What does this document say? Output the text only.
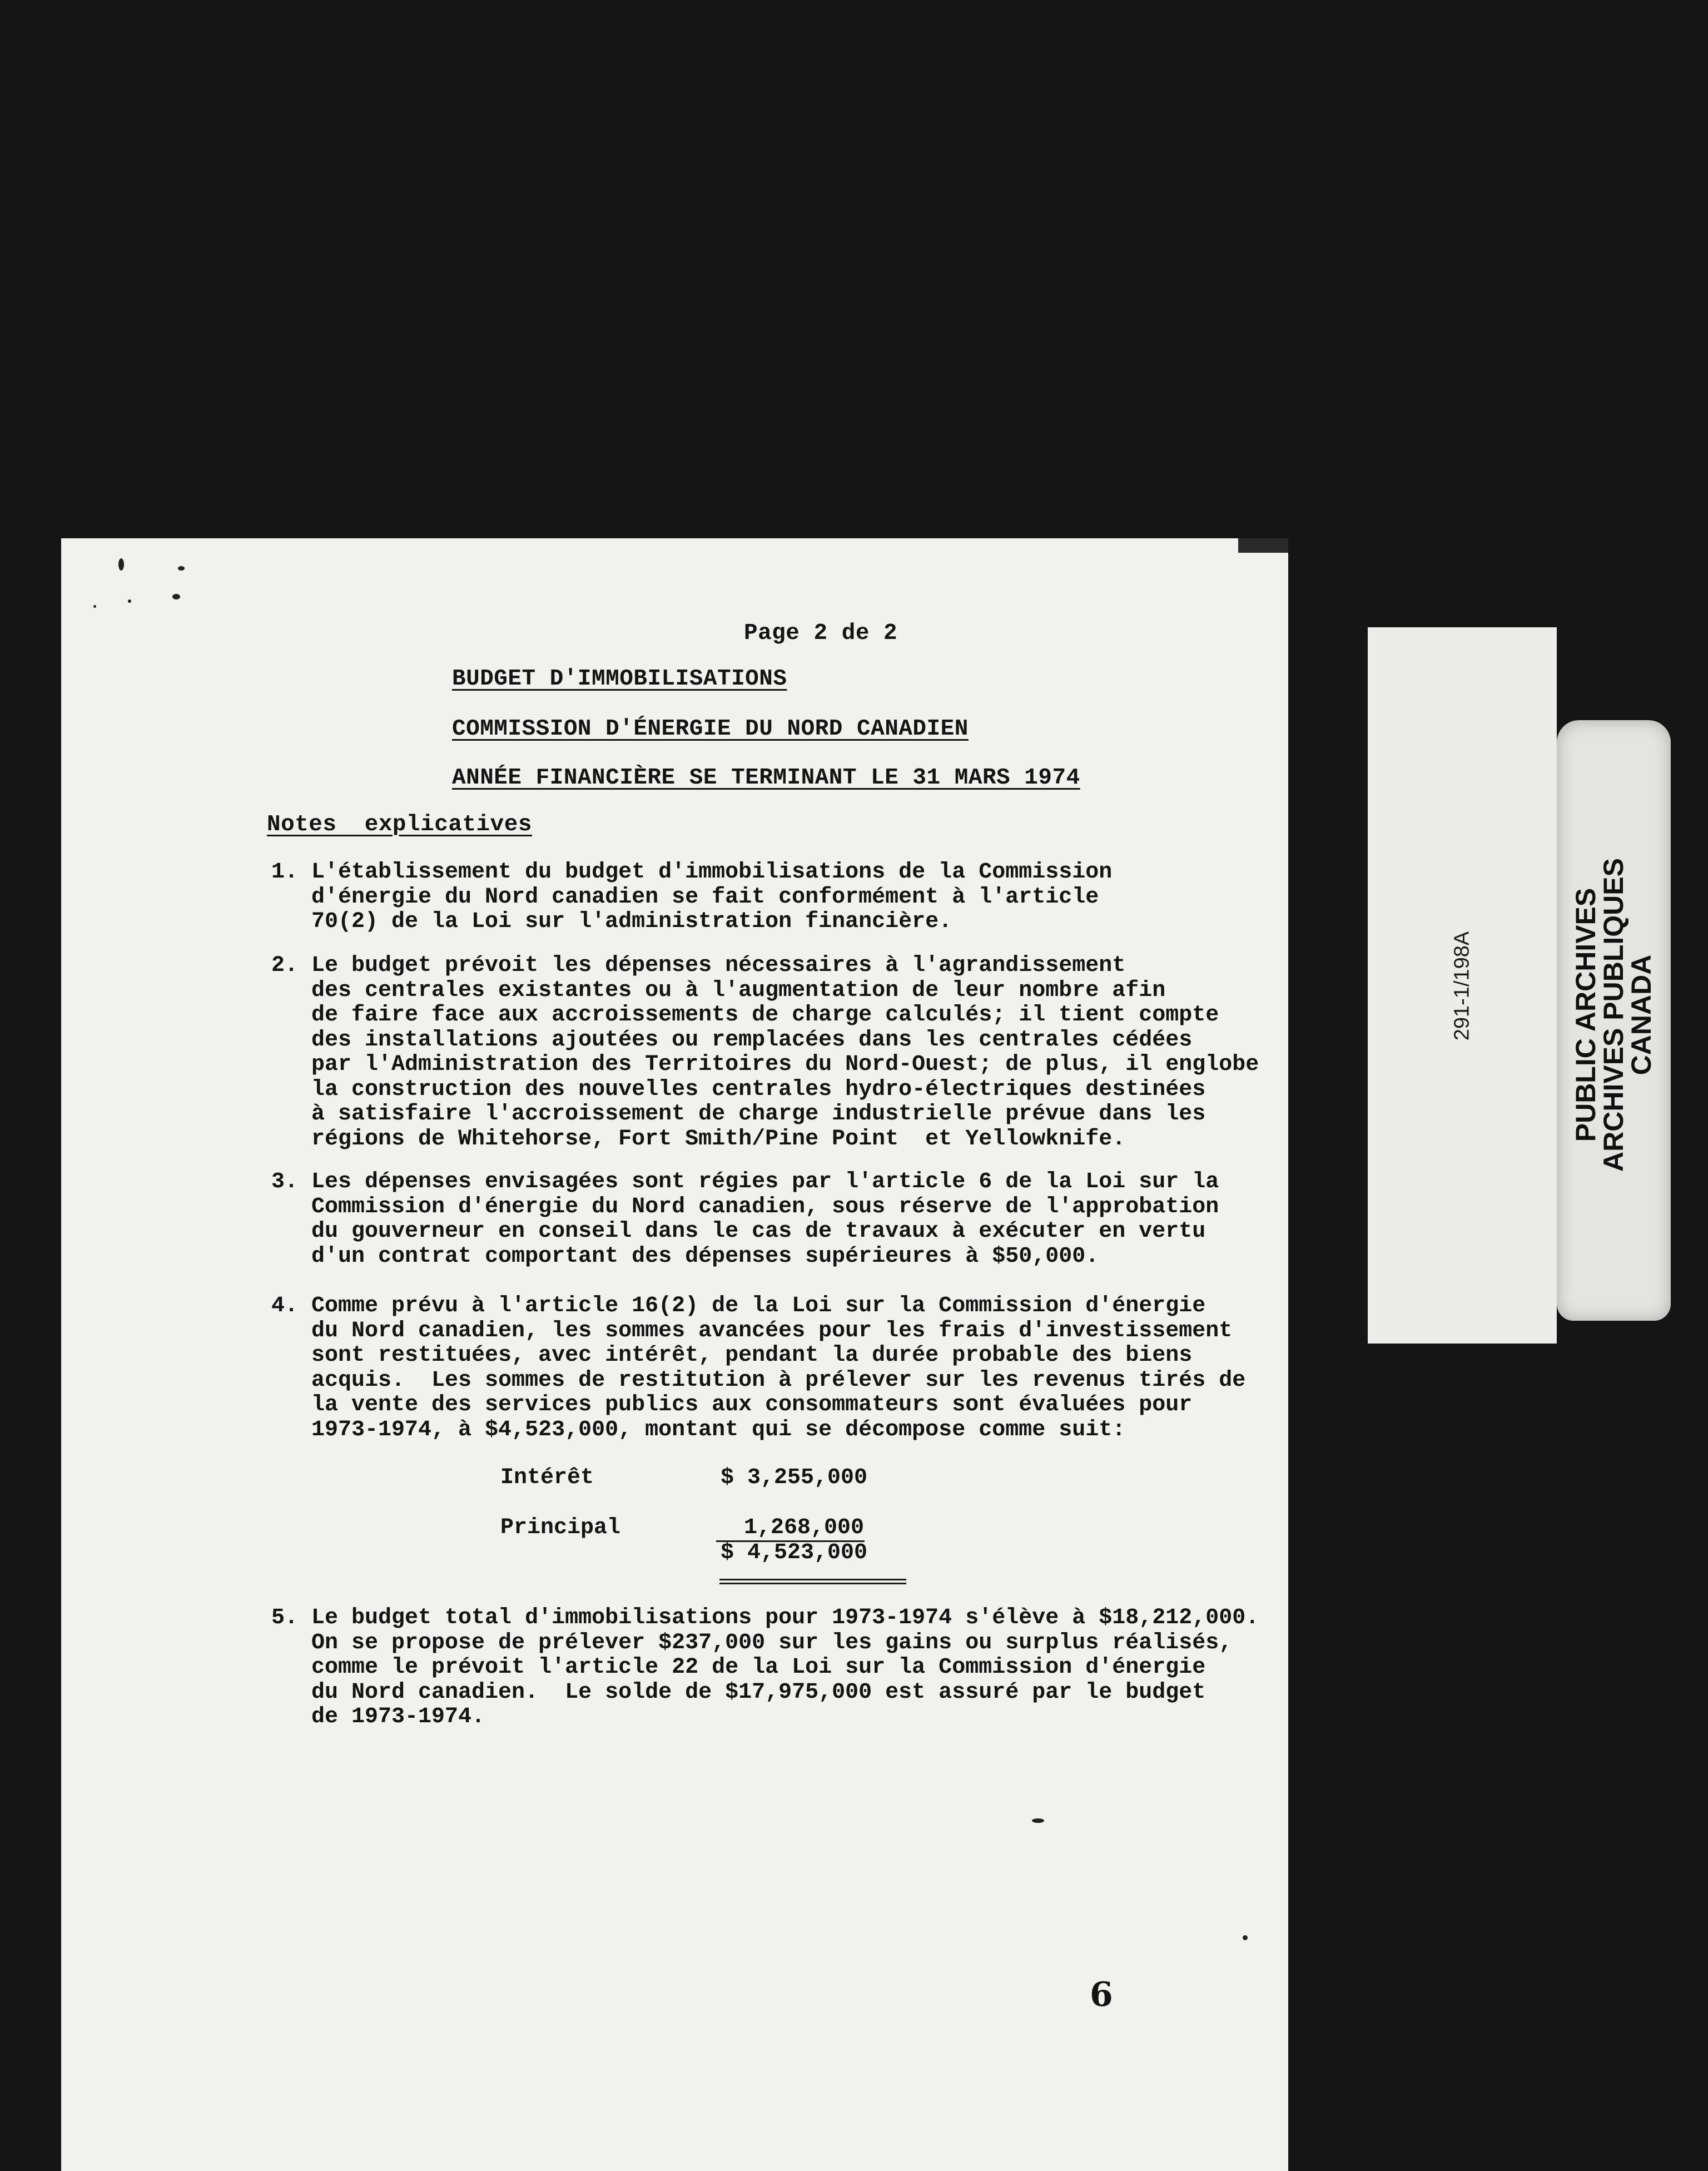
Page 2 de 2
BUDGET D'IMMOBILISATIONS
COMMISSION D'ÉNERGIE DU NORD CANADIEN
ANNÉE FINANCIÈRE SE TERMINANT LE 31 MARS 1974
Notes  explicatives
1. L'établissement du budget d'immobilisations de la Commission
d'énergie du Nord canadien se fait conformément à l'article
70(2) de la Loi sur l'administration financière.
2. Le budget prévoit les dépenses nécessaires à l'agrandissement
des centrales existantes ou à l'augmentation de leur nombre afin
de faire face aux accroissements de charge calculés; il tient compte
des installations ajoutées ou remplacées dans les centrales cédées
par l'Administration des Territoires du Nord-Ouest; de plus, il englobe
la construction des nouvelles centrales hydro-électriques destinées
à satisfaire l'accroissement de charge industrielle prévue dans les
régions de Whitehorse, Fort Smith/Pine Point  et Yellowknife.
3. Les dépenses envisagées sont régies par l'article 6 de la Loi sur la
Commission d'énergie du Nord canadien, sous réserve de l'approbation
du gouverneur en conseil dans le cas de travaux à exécuter en vertu
d'un contrat comportant des dépenses supérieures à $50,000.
4. Comme prévu à l'article 16(2) de la Loi sur la Commission d'énergie
du Nord canadien, les sommes avancées pour les frais d'investissement
sont restituées, avec intérêt, pendant la durée probable des biens
acquis.  Les sommes de restitution à prélever sur les revenus tirés de
la vente des services publics aux consommateurs sont évaluées pour
1973-1974, à $4,523,000, montant qui se décompose comme suit:
Intérêt	$ 3,255,000
Principal	1,268,000
$ 4,523,000
5. Le budget total d'immobilisations pour 1973-1974 s'élève à $18,212,000.
On se propose de prélever $237,000 sur les gains ou surplus réalisés,
comme le prévoit l'article 22 de la Loi sur la Commission d'énergie
du Nord canadien.  Le solde de $17,975,000 est assuré par le budget
de 1973-1974.
6
291-1/198A	PUBLIC ARCHIVES
ARCHIVES PUBLIQUES
CANADA
